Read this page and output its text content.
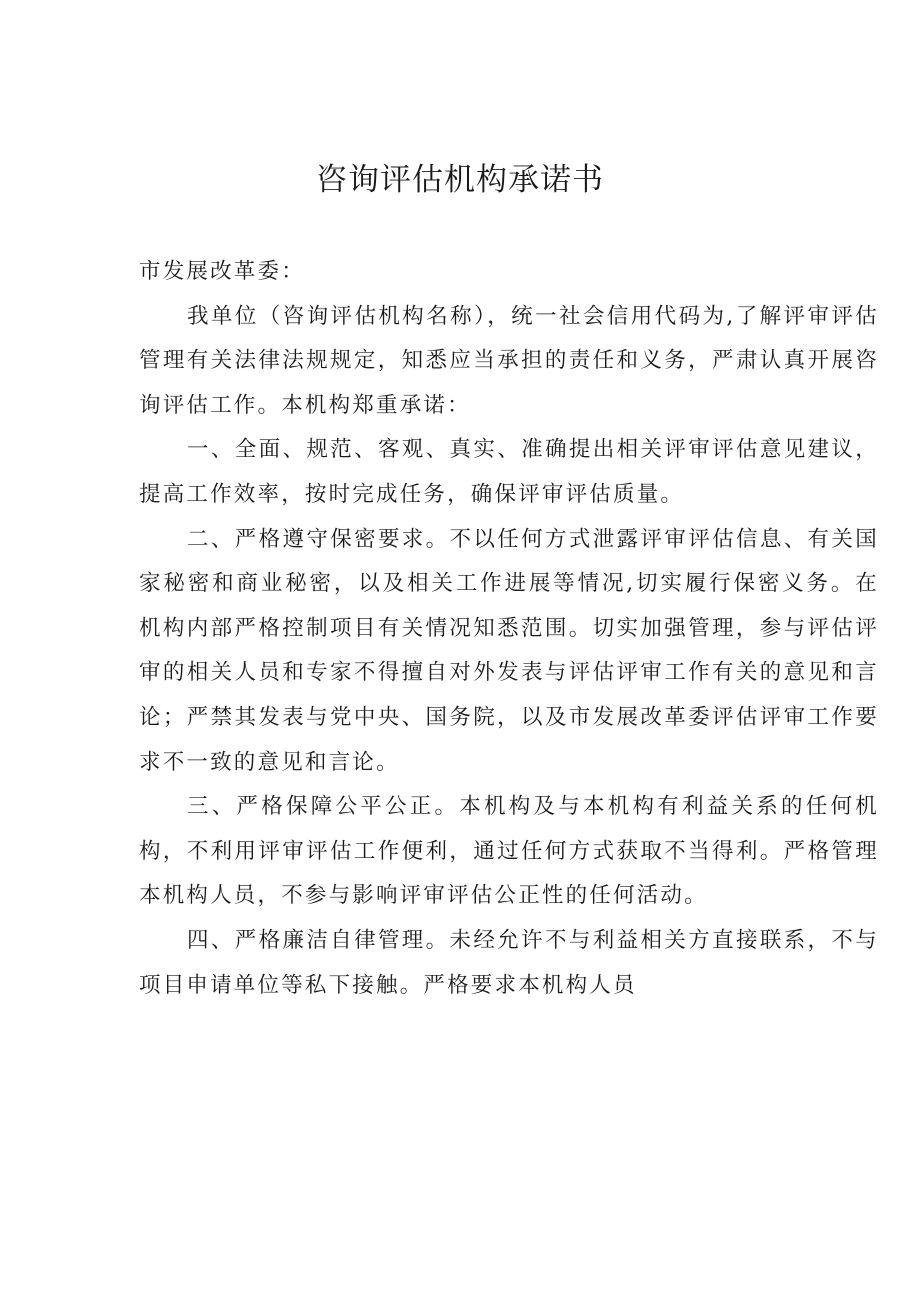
咨询评估机构承诺书

市发展改革委：

我单位（咨询评估机构名称），统一社会信用代码为,了解评审评估管理有关法律法规规定，知悉应当承担的责任和义务，严肃认真开展咨询评估工作。本机构郑重承诺：

一、全面、规范、客观、真实、准确提出相关评审评估意见建议，提高工作效率，按时完成任务，确保评审评估质量。

二、严格遵守保密要求。不以任何方式泄露评审评估信息、有关国家秘密和商业秘密，以及相关工作进展等情况,切实履行保密义务。在机构内部严格控制项目有关情况知悉范围。切实加强管理，参与评估评审的相关人员和专家不得擅自对外发表与评估评审工作有关的意见和言论；严禁其发表与党中央、国务院，以及市发展改革委评估评审工作要求不一致的意见和言论。

三、严格保障公平公正。本机构及与本机构有利益关系的任何机构，不利用评审评估工作便利，通过任何方式获取不当得利。严格管理本机构人员，不参与影响评审评估公正性的任何活动。

四、严格廉洁自律管理。未经允许不与利益相关方直接联系，不与项目申请单位等私下接触。严格要求本机构人员
